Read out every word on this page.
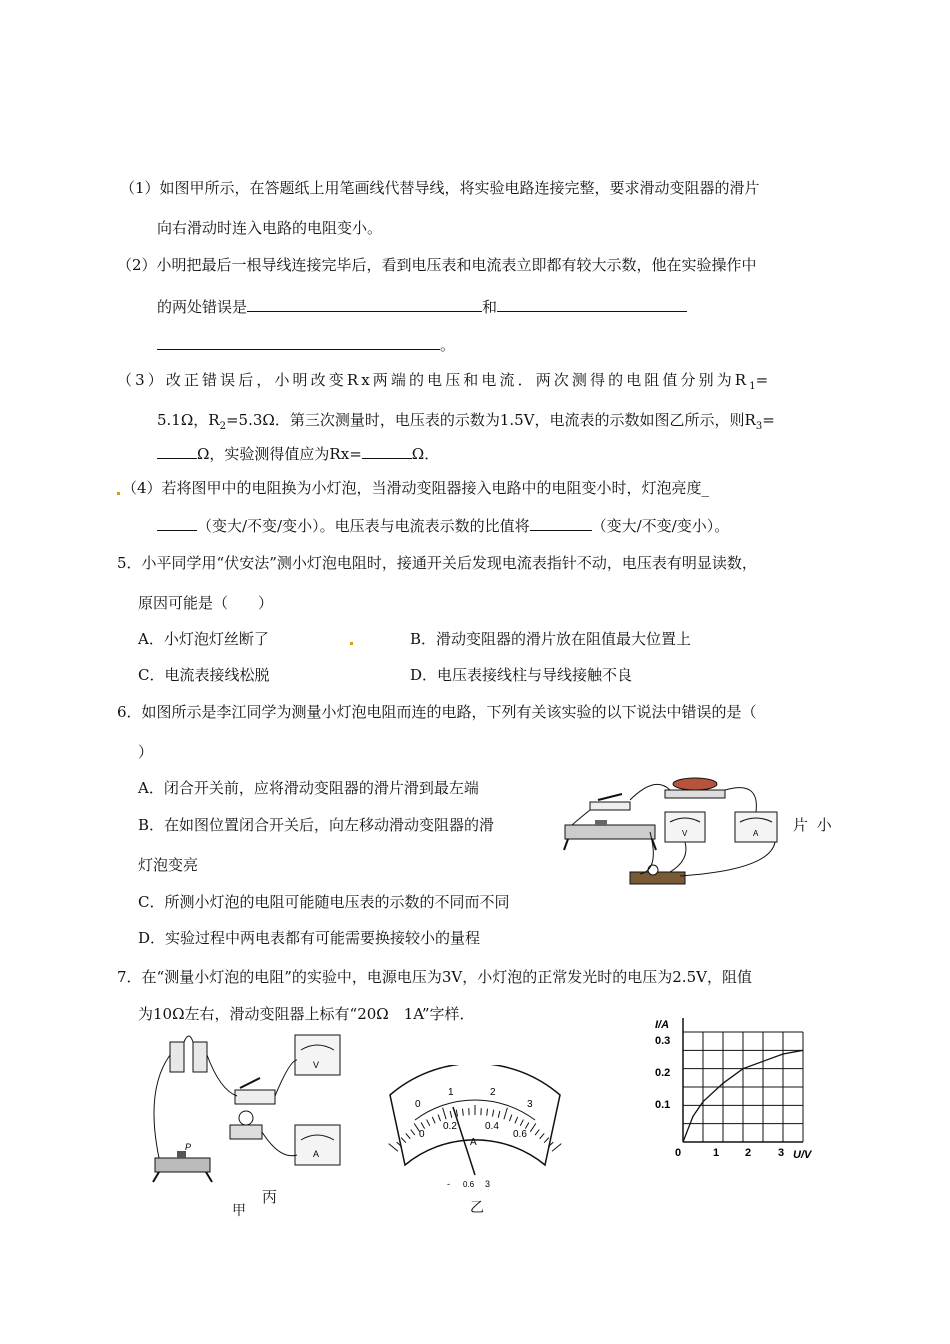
（1）如图甲所示，在答题纸上用笔画线代替导线，将实验电路连接完整，要求滑动变阻器的滑片
向右滑动时连入电路的电阻变小。
（2）小明把最后一根导线连接完毕后，看到电压表和电流表立即都有较大示数，他在实验操作中
的两处错误是	和
。
（3）改正错误后，小明改变Rx两端的电压和电流．两次测得的电阻值分别为$R_1=$
5.1Ω，$R_2=5.3\Omega$．第三次测量时，电压表的示数为1.5V，电流表的示数如图乙所示，则$R_3=$
Ω，实验测得值应为Rx=	Ω．
（4）若将图甲中的电阻换为小灯泡，当滑动变阻器接入电路中的电阻变小时，灯泡亮度_
（变大/不变/变小）。电压表与电流表示数的比值将	（变大/不变/变小）。
5．小平同学用“伏安法”测小灯泡电阻时，接通开关后发现电流表指针不动，电压表有明显读数，
原因可能是（　　）
A．小灯泡灯丝断了	B．滑动变阻器的滑片放在阻值最大位置上
C．电流表接线松脱	D．电压表接线柱与导线接触不良
6．如图所示是李江同学为测量小灯泡电阻而连的电路，下列有关该实验的以下说法中错误的是（
）
A．闭合开关前，应将滑动变阻器的滑片滑到最左端
B．在如图位置闭合开关后，向左移动滑动变阻器的滑	片 小
灯泡变亮
C．所测小灯泡的电阻可能随电压表的示数的不同而不同
D．实验过程中两电表都有可能需要换接较小的量程
V	A
7．在“测量小灯泡的电阻”的实验中，电源电压为3V，小灯泡的正常发光时的电压为2.5V，阻值
为10Ω左右，滑动变阻器上标有“20Ω　1A”字样．
V
A
P
甲
丙
0
1	2
3
0
0.2	0.4
0.6
A
- 0.6 3
乙
I/A
U/V
0.3
0.2
0.1
0	1 2 3
